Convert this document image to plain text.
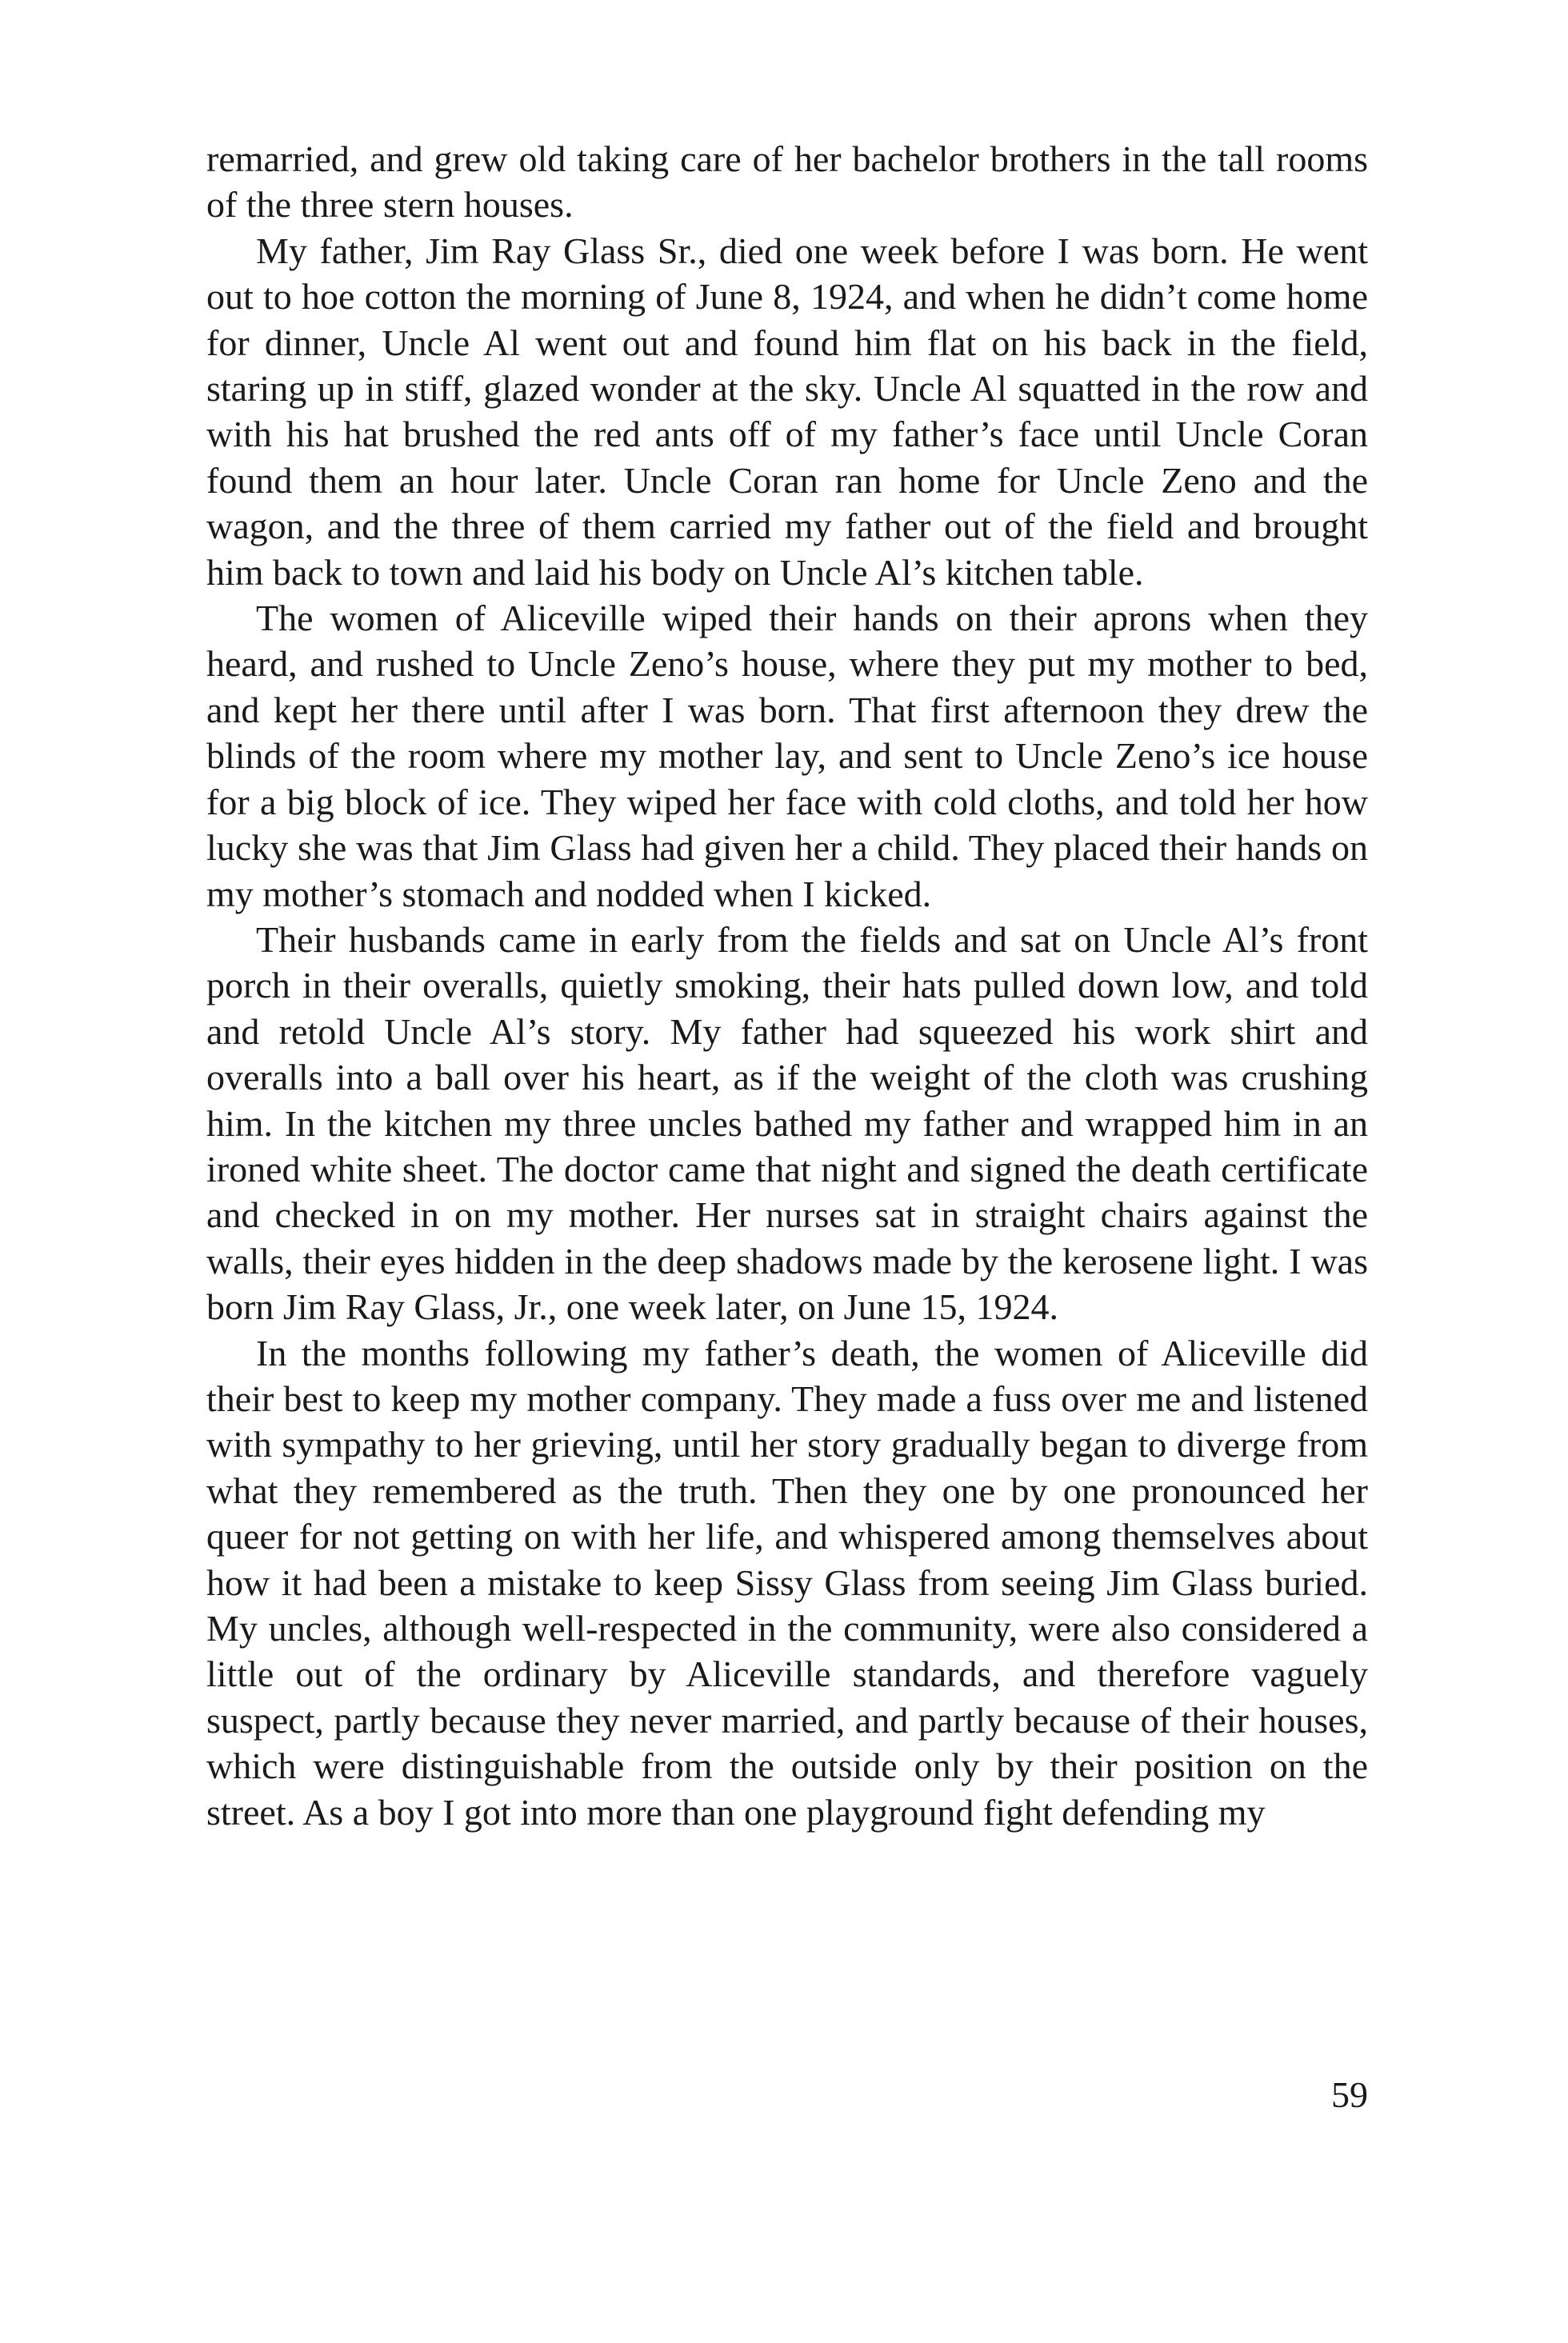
remarried, and grew old taking care of her bachelor brothers in the tall rooms of the three stern houses.

My father, Jim Ray Glass Sr., died one week before I was born. He went out to hoe cotton the morning of June 8, 1924, and when he didn’t come home for dinner, Uncle Al went out and found him flat on his back in the field, staring up in stiff, glazed wonder at the sky. Uncle Al squatted in the row and with his hat brushed the red ants off of my father’s face until Uncle Coran found them an hour later. Uncle Coran ran home for Uncle Zeno and the wagon, and the three of them carried my father out of the field and brought him back to town and laid his body on Uncle Al’s kitchen table.

The women of Aliceville wiped their hands on their aprons when they heard, and rushed to Uncle Zeno’s house, where they put my mother to bed, and kept her there until after I was born. That first afternoon they drew the blinds of the room where my mother lay, and sent to Uncle Zeno’s ice house for a big block of ice. They wiped her face with cold cloths, and told her how lucky she was that Jim Glass had given her a child. They placed their hands on my mother’s stomach and nodded when I kicked.

Their husbands came in early from the fields and sat on Uncle Al’s front porch in their overalls, quietly smoking, their hats pulled down low, and told and retold Uncle Al’s story. My father had squeezed his work shirt and overalls into a ball over his heart, as if the weight of the cloth was crushing him. In the kitchen my three uncles bathed my father and wrapped him in an ironed white sheet. The doctor came that night and signed the death certificate and checked in on my mother. Her nurses sat in straight chairs against the walls, their eyes hidden in the deep shadows made by the kerosene light. I was born Jim Ray Glass, Jr., one week later, on June 15, 1924.

In the months following my father’s death, the women of Aliceville did their best to keep my mother company. They made a fuss over me and listened with sympathy to her grieving, until her story gradually began to diverge from what they remembered as the truth. Then they one by one pronounced her queer for not getting on with her life, and whispered among themselves about how it had been a mistake to keep Sissy Glass from seeing Jim Glass buried. My uncles, although well-respected in the community, were also considered a little out of the ordinary by Aliceville standards, and therefore vaguely suspect, partly because they never married, and partly because of their houses, which were distinguishable from the outside only by their position on the street. As a boy I got into more than one playground fight defending my

59
